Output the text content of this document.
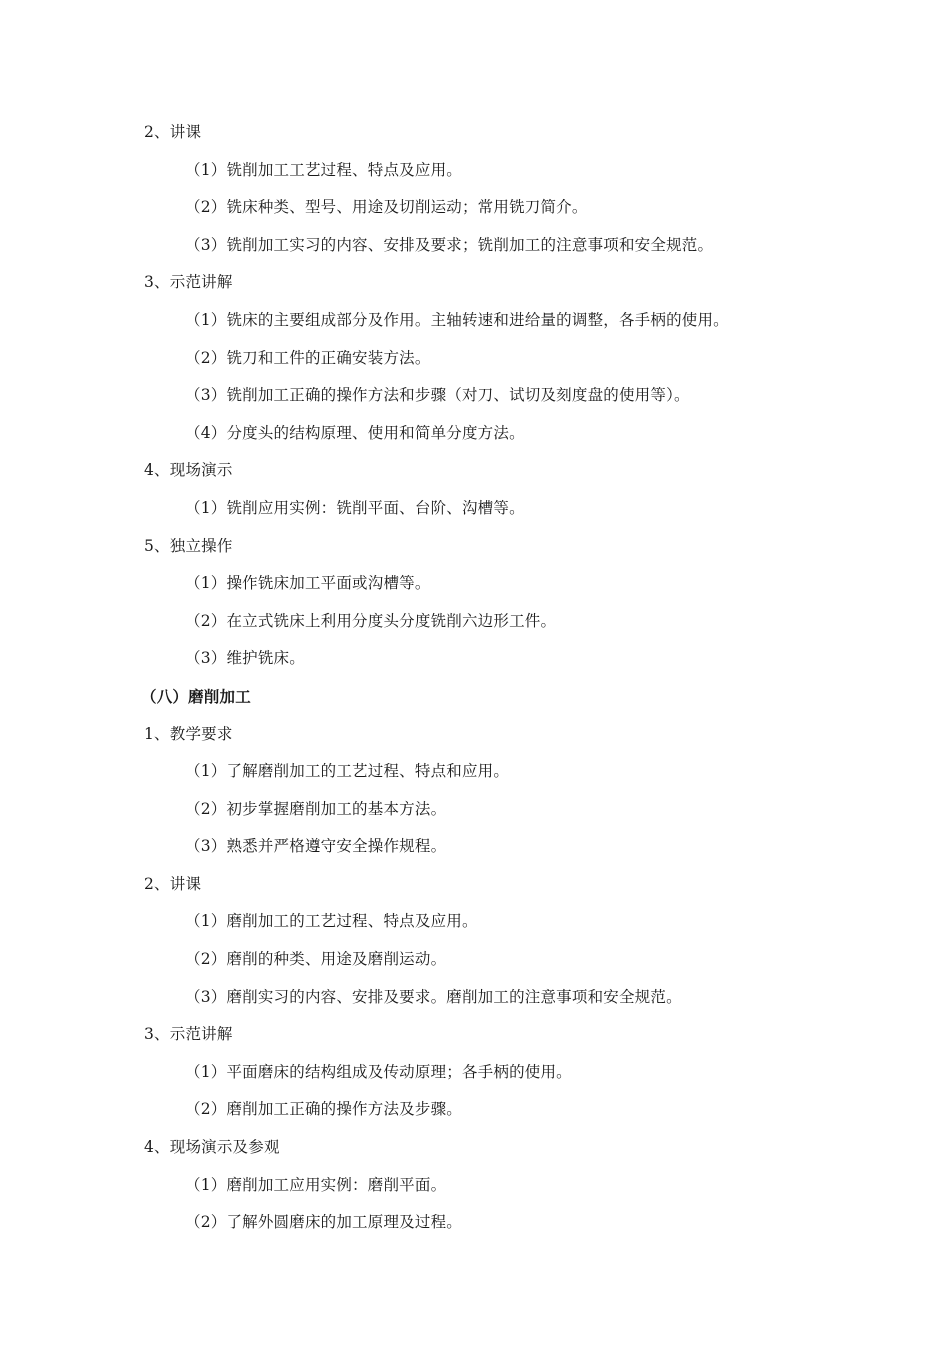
2、讲课
（1）铣削加工工艺过程、特点及应用。
（2）铣床种类、型号、用途及切削运动；常用铣刀简介。
（3）铣削加工实习的内容、安排及要求；铣削加工的注意事项和安全规范。
3、示范讲解
（1）铣床的主要组成部分及作用。主轴转速和进给量的调整，各手柄的使用。
（2）铣刀和工件的正确安装方法。
（3）铣削加工正确的操作方法和步骤（对刀、试切及刻度盘的使用等）。
（4）分度头的结构原理、使用和简单分度方法。
4、现场演示
（1）铣削应用实例：铣削平面、台阶、沟槽等。
5、独立操作
（1）操作铣床加工平面或沟槽等。
（2）在立式铣床上利用分度头分度铣削六边形工件。
（3）维护铣床。
（八）磨削加工
1、教学要求
（1）了解磨削加工的工艺过程、特点和应用。
（2）初步掌握磨削加工的基本方法。
（3）熟悉并严格遵守安全操作规程。
2、讲课
（1）磨削加工的工艺过程、特点及应用。
（2）磨削的种类、用途及磨削运动。
（3）磨削实习的内容、安排及要求。磨削加工的注意事项和安全规范。
3、示范讲解
（1）平面磨床的结构组成及传动原理；各手柄的使用。
（2）磨削加工正确的操作方法及步骤。
4、现场演示及参观
（1）磨削加工应用实例：磨削平面。
（2）了解外圆磨床的加工原理及过程。
